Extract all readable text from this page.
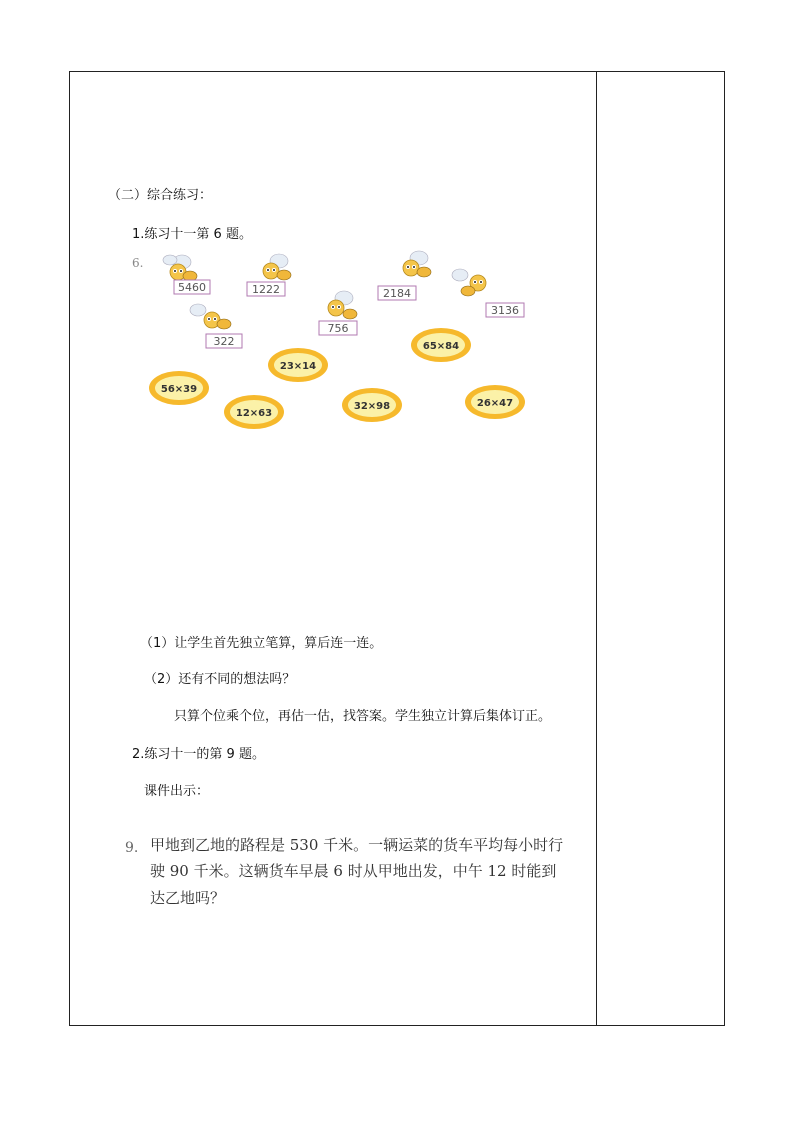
（二）综合练习：
1.练习十一第 6 题。
6.
5460	1222	2184
3136
322
756
23×14
65×84
56×39
12×63
32×98	26×47
（1）让学生首先独立笔算，算后连一连。
（2）还有不同的想法吗？
只算个位乘个位，再估一估，找答案。学生独立计算后集体订正。
2.练习十一的第 9 题。
课件出示：
9. 甲地到乙地的路程是 530 千米。一辆运菜的货车平均每小时行
驶 90 千米。这辆货车早晨 6 时从甲地出发，中午 12 时能到
达乙地吗？
